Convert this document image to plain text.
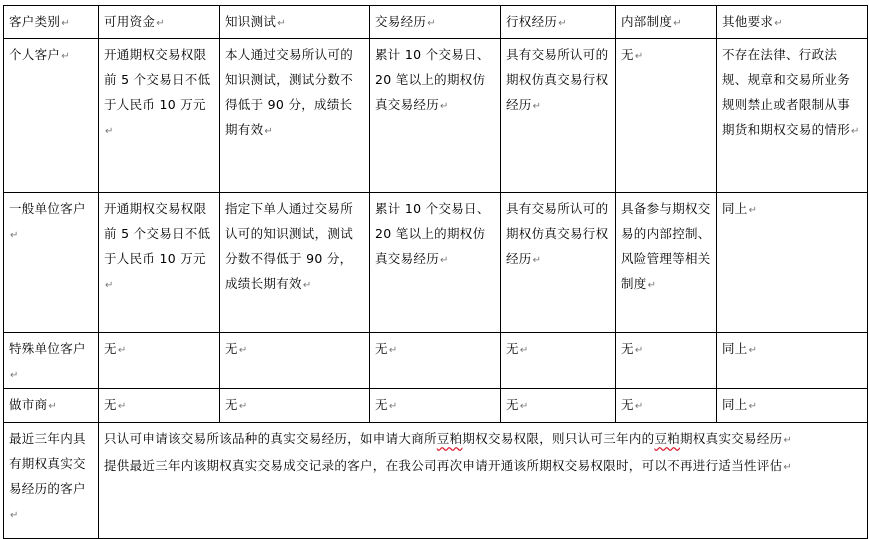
客户类别↵	可用资金↵	知识测试↵	交易经历↵	行权经历↵	内部制度↵	其他要求↵
个人客户↵	开通期权交易权限前 5 个交易日不低于人民币 10 万元↵	本人通过交易所认可的知识测试，测试分数不得低于 90 分，成绩长期有效↵	累计 10 个交易日、20 笔以上的期权仿真交易经历↵	具有交易所认可的期权仿真交易行权经历↵	无↵	不存在法律、行政法规、规章和交易所业务规则禁止或者限制从事期货和期权交易的情形↵
一般单位客户↵	开通期权交易权限前 5 个交易日不低于人民币 10 万元↵	指定下单人通过交易所认可的知识测试，测试分数不得低于 90 分，成绩长期有效↵	累计 10 个交易日、20 笔以上的期权仿真交易经历↵	具有交易所认可的期权仿真交易行权经历↵	具备参与期权交易的内部控制、风险管理等相关制度↵	同上↵
特殊单位客户↵	无↵	无↵	无↵	无↵	无↵	同上↵
做市商↵	无↵	无↵	无↵	无↵	无↵	同上↵
最近三年内具有期权真实交易经历的客户↵	只认可申请该交易所该品种的真实交易经历，如申请大商所豆粕期权交易权限，则只认可三年内的豆粕期权真实交易经历↵
提供最近三年内该期权真实交易成交记录的客户，在我公司再次申请开通该所期权交易权限时，可以不再进行适当性评估↵					
